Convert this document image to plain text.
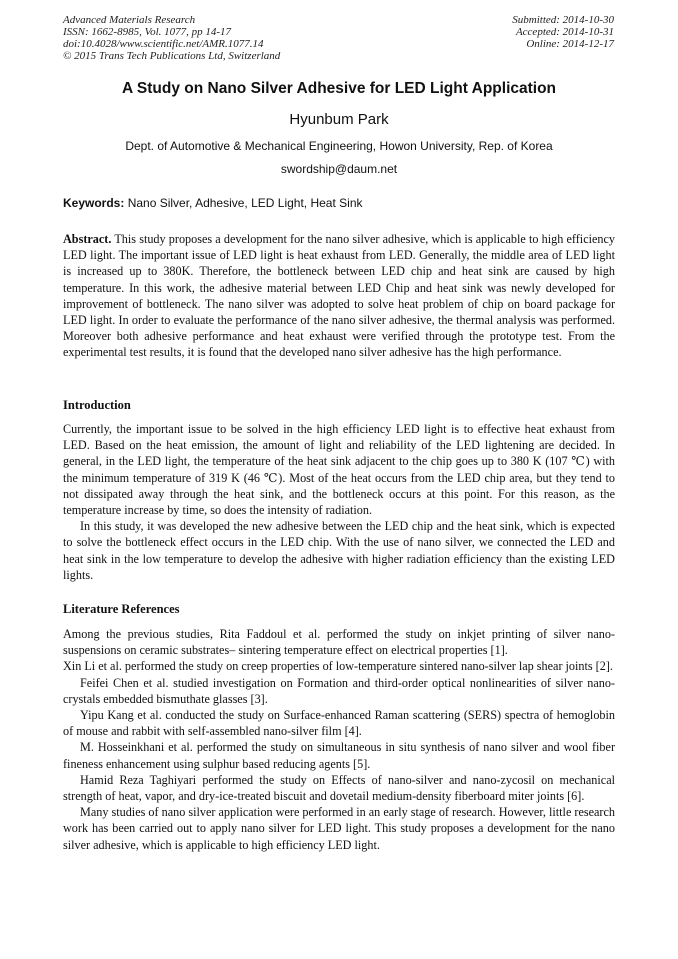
Advanced Materials Research
ISSN: 1662-8985, Vol. 1077, pp 14-17
doi:10.4028/www.scientific.net/AMR.1077.14
© 2015 Trans Tech Publications Ltd, Switzerland
Submitted: 2014-10-30
Accepted: 2014-10-31
Online: 2014-12-17
A Study on Nano Silver Adhesive for LED Light Application
Hyunbum Park
Dept. of Automotive & Mechanical Engineering, Howon University, Rep. of Korea
swordship@daum.net
Keywords: Nano Silver, Adhesive, LED Light, Heat Sink

Abstract. This study proposes a development for the nano silver adhesive, which is applicable to high efficiency LED light. The important issue of LED light is heat exhaust from LED. Generally, the middle area of LED light is increased up to 380K. Therefore, the bottleneck between LED chip and heat sink are caused by high temperature. In this work, the adhesive material between LED Chip and heat sink was newly developed for improvement of bottleneck. The nano silver was adopted to solve heat problem of chip on board package for LED light. In order to evaluate the performance of the nano silver adhesive, the thermal analysis was performed. Moreover both adhesive performance and heat exhaust were verified through the prototype test. From the experimental test results, it is found that the developed nano silver adhesive has the high performance.

Introduction

Currently, the important issue to be solved in the high efficiency LED light is to effective heat exhaust from LED. Based on the heat emission, the amount of light and reliability of the LED lightening are decided. In general, in the LED light, the temperature of the heat sink adjacent to the chip goes up to 380 K (107 ℃) with the minimum temperature of 319 K (46 ℃). Most of the heat occurs from the LED chip area, but they tend to not dissipated away through the heat sink, and the bottleneck occurs at this point. For this reason, as the temperature increase by time, so does the intensity of radiation.

In this study, it was developed the new adhesive between the LED chip and the heat sink, which is expected to solve the bottleneck effect occurs in the LED chip. With the use of nano silver, we connected the LED and heat sink in the low temperature to develop the adhesive with higher radiation efficiency than the existing LED lights.

Literature References

Among the previous studies, Rita Faddoul et al. performed the study on inkjet printing of silver nano-suspensions on ceramic substrates– sintering temperature effect on electrical properties [1].

Xin Li et al. performed the study on creep properties of low-temperature sintered nano-silver lap shear joints [2].

Feifei Chen et al. studied investigation on Formation and third-order optical nonlinearities of silver nano-crystals embedded bismuthate glasses [3].

Yipu Kang et al. conducted the study on Surface-enhanced Raman scattering (SERS) spectra of hemoglobin of mouse and rabbit with self-assembled nano-silver film [4].

M. Hosseinkhani et al. performed the study on simultaneous in situ synthesis of nano silver and wool fiber fineness enhancement using sulphur based reducing agents [5].

Hamid Reza Taghiyari performed the study on Effects of nano-silver and nano-zycosil on mechanical strength of heat, vapor, and dry-ice-treated biscuit and dovetail medium-density fiberboard miter joints [6].

Many studies of nano silver application were performed in an early stage of research. However, little research work has been carried out to apply nano silver for LED light. This study proposes a development for the nano silver adhesive, which is applicable to high efficiency LED light.
